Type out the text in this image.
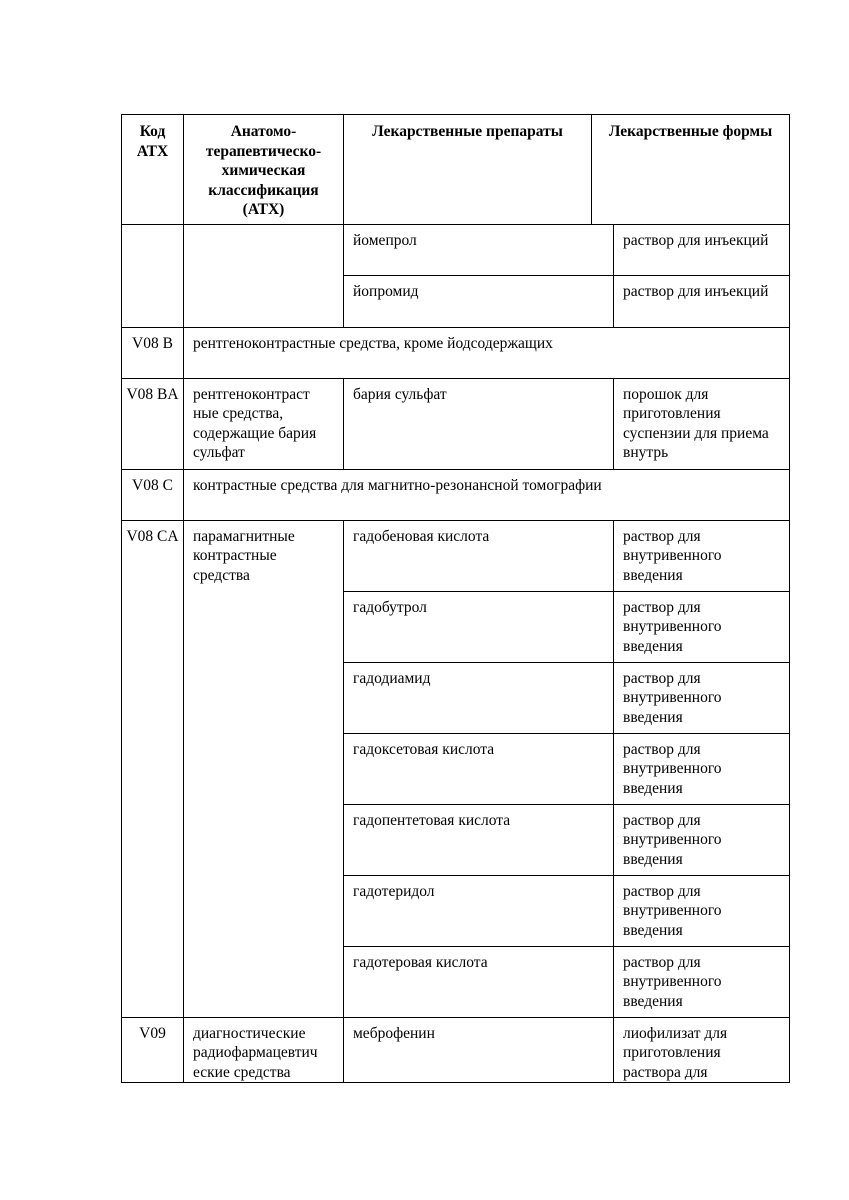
Код АТХ	Анатомо-терапевтическо-химическая классификация (АТХ)	Лекарственные препараты	Лекарственные формы	
		йомепрол		раствор для инъекций
		йопромид		раствор для инъекций
V08 B	рентгеноконтрастные средства, кроме йодсодержащих			
V08 BA	рентгеноконтраст ные средства, содержащие бария сульфат	бария сульфат		порошок для приготовления суспензии для приема внутрь
V08 C	контрастные средства для магнитно-резонансной томографии			
V08 CA	парамагнитные контрастные средства	гадобеновая кислота		раствор для внутривенного введения
		гадобутрол		раствор для внутривенного введения
		гадодиамид		раствор для внутривенного введения
		гадоксетовая кислота		раствор для внутривенного введения
		гадопентетовая кислота		раствор для внутривенного введения
		гадотеридол		раствор для внутривенного введения
		гадотеровая кислота		раствор для внутривенного введения
V09	диагностические радиофармацевтич еские средства	меброфенин		лиофилизат для приготовления раствора для
